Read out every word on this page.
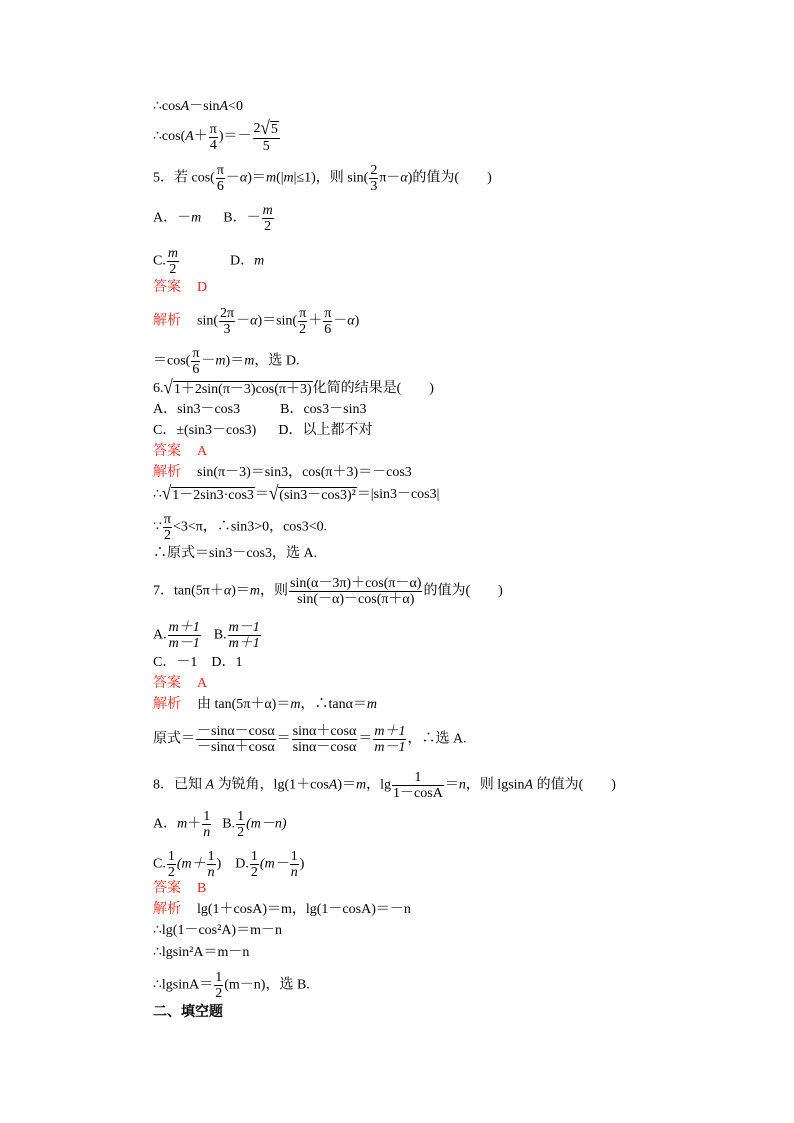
∴cosA－sinA<0
∴cos(A＋ $\frac{\pi}{4}$ )＝－ $\frac{2√5}{5}$
5．若 $\cos( \frac{\pi}{6} -\alpha)=m(|m|\le 1)$，则 $\sin( \frac{2}{3} \pi-\alpha)$的值为(　　)
A．－m B．－ $\frac{m}{2}$
C. $\frac{m}{2}$	D．m
答案 D
解析 $\sin( \frac{2\pi}{3} -\alpha)=\sin( \frac{\pi}{2} + \frac{\pi}{6} -\alpha)$
$=\cos( \frac{\pi}{6} -m)=m$，选 D.
6.√1＋2sin(π－3)cos(π＋3)化简的结果是(　　)
A．sin3－cos3	B．cos3－sin3
C．±(sin3－cos3) D．以上都不对
答案 A
解析 sin(π－3)＝sin3，cos(π＋3)＝－cos3
∴√1－2sin3·cos3＝√(sin3－cos3)²＝|sin3－cos3|
∵ $\frac{\pi}{2} <3<\pi$，∴sin3>0，cos3<0.
∴原式＝sin3－cos3，选 A.
7．tan(5π＋α)＝m，则 $\frac{\sin(\alpha-3\pi)+\cos(\pi-\alpha)}{\sin(-\alpha)-\cos(\pi+\alpha)}$ 的值为(　　)
A. $\frac{m+1}{m-1} B$. $\frac{m-1}{m+1}$
C．－1 D．1
答案 A
解析 由 tan(5π＋α)＝m，∴tanα＝m
原式＝ $\frac{-\sin\alpha-\cos\alpha}{-\sin\alpha+\cos\alpha} = \frac{\sin\alpha+\cos\alpha}{\sin\alpha-\cos\alpha} = \frac{m+1}{m-1}$ ，∴选 A.
8．已知 A 为锐角，lg(1＋cosA)＝m，$\lg \frac{1}{1-\cos A} =n$，则 lgsinA 的值为(　　)
A．$m+ \frac{1}{n} B$. $\frac{1}{2} (m-n)$
C. $\frac{1}{2} (m+ \frac{1}{n}$ ) D. $\frac{1}{2} (m- \frac{1}{n}$ )
答案 B
解析 lg(1＋cosA)＝m，lg(1－cosA)＝－n
∴lg(1－cos²A)＝m－n
∴lgsin²A＝m－n
∴lgsinA＝ $\frac{1}{2} (m-n)$，选 B.
二、填空题
